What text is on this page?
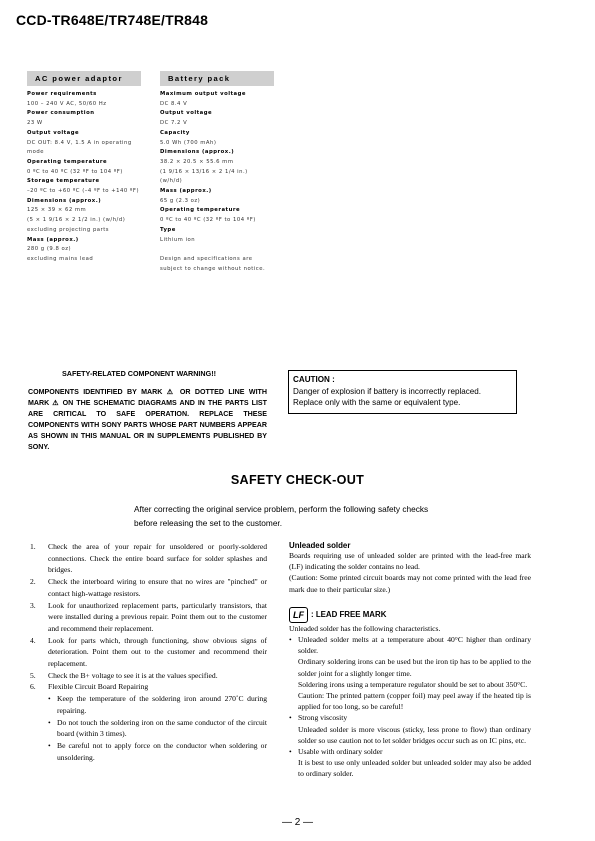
CCD-TR648E/TR748E/TR848
AC power adaptor
Power requirements
100 – 240 V AC, 50/60 Hz
Power consumption
23 W
Output voltage
DC OUT: 8.4 V, 1.5 A in operating
mode
Operating temperature
0 ºC to 40 ºC (32 ºF to 104 ºF)
Storage temperature
–20 ºC to +60 ºC (–4 ºF to +140 ºF)
Dimensions (approx.)
125 × 39 × 62 mm
(5 × 1 9/16 × 2 1/2 in.) (w/h/d)
excluding projecting parts
Mass (approx.)
280 g (9.8 oz)
excluding mains lead
Battery pack
Maximum output voltage
DC 8.4 V
Output voltage
DC 7.2 V
Capacity
5.0 Wh (700 mAh)
Dimensions (approx.)
38.2 × 20.5 × 55.6 mm
(1 9/16 × 13/16 × 2 1/4 in.)
(w/h/d)
Mass (approx.)
65 g (2.3 oz)
Operating temperature
0 ºC to 40 ºC (32 ºF to 104 ºF)
Type
Lithium ion
Design and specifications are
subject to change without notice.
SAFETY-RELATED COMPONENT WARNING!!
COMPONENTS IDENTIFIED BY MARK ⚠ OR DOTTED LINE WITH MARK ⚠ ON THE SCHEMATIC DIAGRAMS AND IN THE PARTS LIST ARE CRITICAL TO SAFE OPERATION. REPLACE THESE COMPONENTS WITH SONY PARTS WHOSE PART NUMBERS APPEAR AS SHOWN IN THIS MANUAL OR IN SUPPLEMENTS PUBLISHED BY SONY.
CAUTION :
Danger of explosion if battery is incorrectly replaced.
Replace only with the same or equivalent type.
SAFETY CHECK-OUT
After correcting the original service problem, perform the following safety checks before releasing the set to the customer.
1. Check the area of your repair for unsoldered or poorly-soldered connections. Check the entire board surface for solder splashes and bridges.
2. Check the interboard wiring to ensure that no wires are "pinched" or contact high-wattage resistors.
3. Look for unauthorized replacement parts, particularly transistors, that were installed during a previous repair. Point them out to the customer and recommend their replacement.
4. Look for parts which, through functioning, show obvious signs of deterioration. Point them out to the customer and recommend their replacement.
5. Check the B+ voltage to see it is at the values specified.
6. Flexible Circuit Board Repairing
• Keep the temperature of the soldering iron around 270˚C during repairing.
• Do not touch the soldering iron on the same conductor of the circuit board (within 3 times).
• Be careful not to apply force on the conductor when soldering or unsoldering.
Unleaded solder
Boards requiring use of unleaded solder are printed with the lead-free mark (LF) indicating the solder contains no lead.
(Caution: Some printed circuit boards may not come printed with the lead free mark due to their particular size.)
LF : LEAD FREE MARK
Unleaded solder has the following characteristics.
• Unleaded solder melts at a temperature about 40°C higher than ordinary solder.
Ordinary soldering irons can be used but the iron tip has to be applied to the solder joint for a slightly longer time.
Soldering irons using a temperature regulator should be set to about 350°C.
Caution: The printed pattern (copper foil) may peel away if the heated tip is applied for too long, so be careful!
• Strong viscosity
Unleaded solder is more viscous (sticky, less prone to flow) than ordinary solder so use caution not to let solder bridges occur such as on IC pins, etc.
• Usable with ordinary solder
It is best to use only unleaded solder but unleaded solder may also be added to ordinary solder.
— 2 —
